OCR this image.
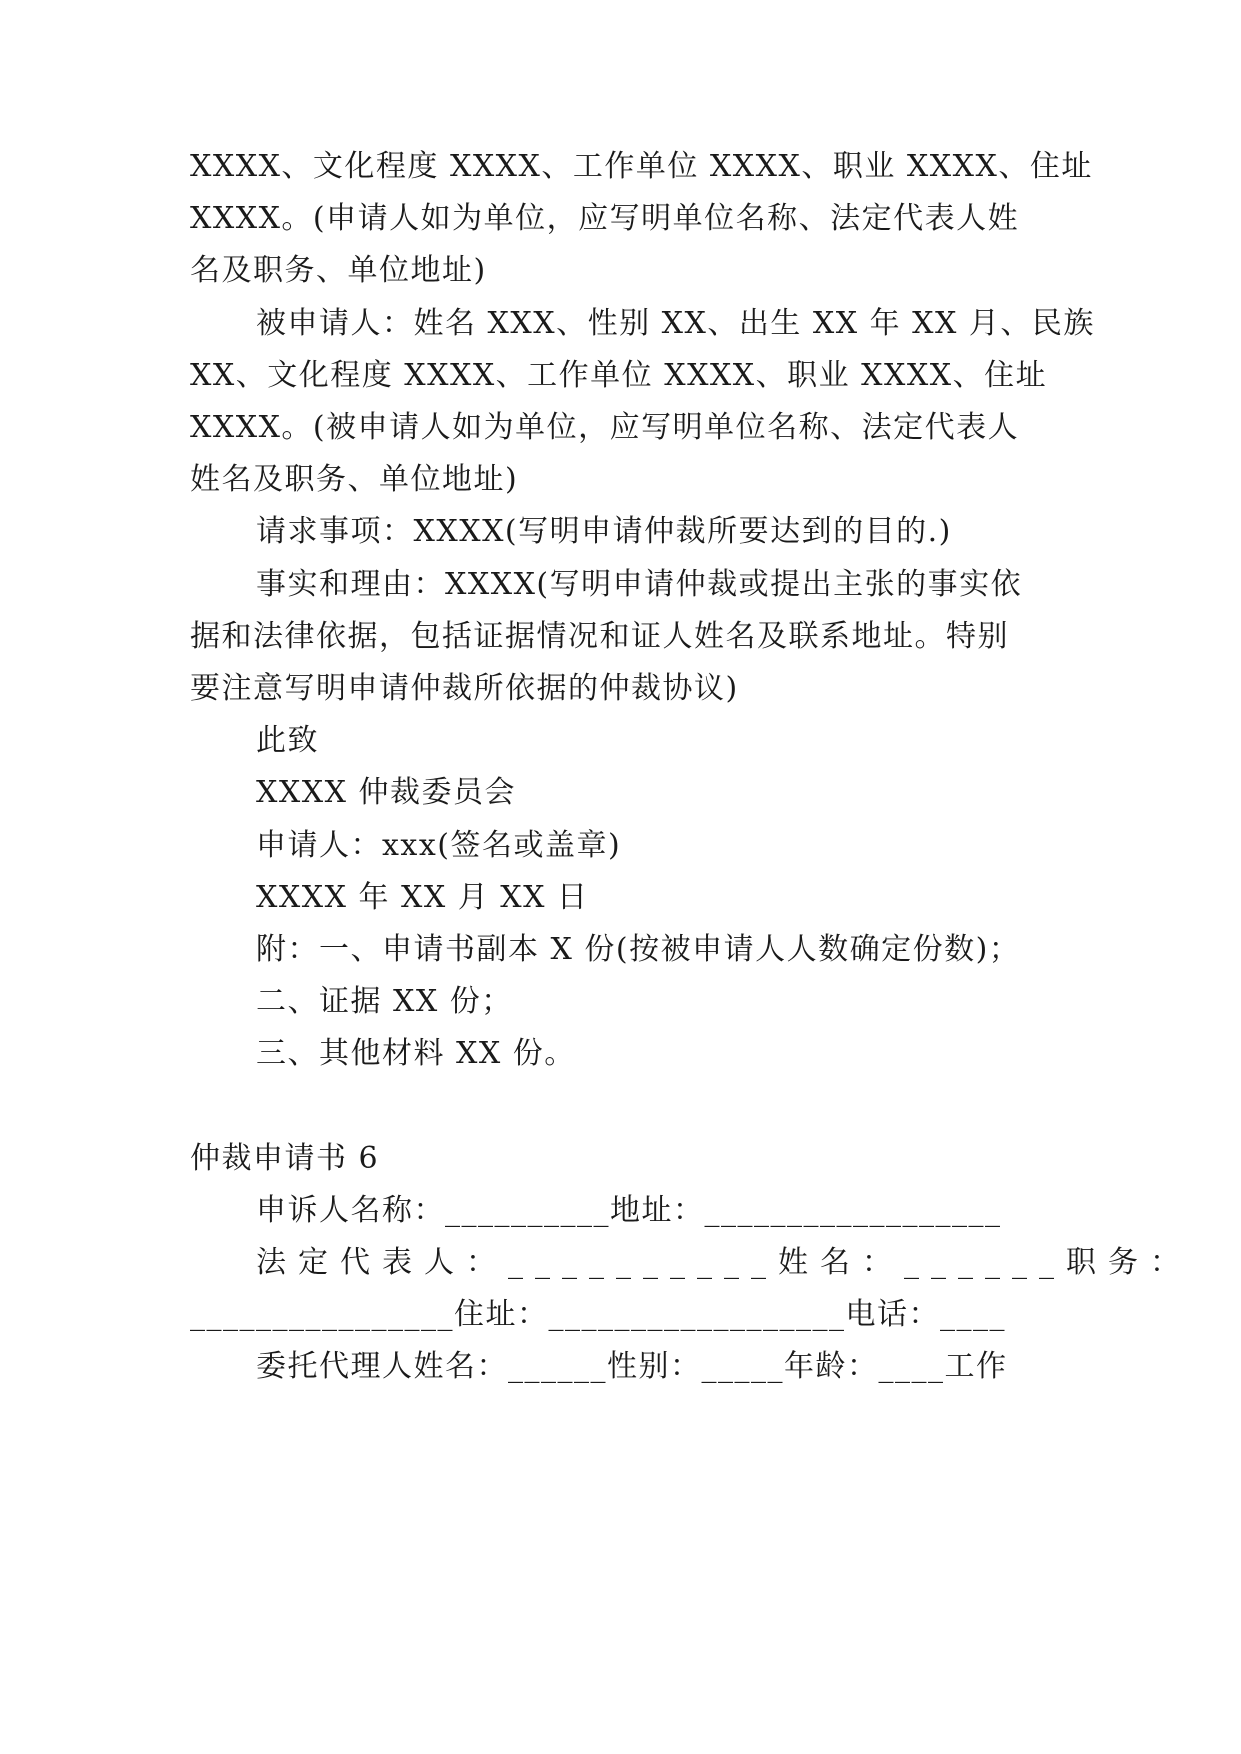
XXXX、文化程度 XXXX、工作单位 XXXX、职业 XXXX、住址
XXXX。(申请人如为单位，应写明单位名称、法定代表人姓
名及职务、单位地址)
被申请人：姓名 XXX、性别 XX、出生 XX 年 XX 月、民族
XX、文化程度 XXXX、工作单位 XXXX、职业 XXXX、住址
XXXX。(被申请人如为单位，应写明单位名称、法定代表人
姓名及职务、单位地址)
请求事项：XXXX(写明申请仲裁所要达到的目的.)
事实和理由：XXXX(写明申请仲裁或提出主张的事实依
据和法律依据，包括证据情况和证人姓名及联系地址。特别
要注意写明申请仲裁所依据的仲裁协议)
此致
XXXX 仲裁委员会
申请人：xxx(签名或盖章)
XXXX 年 XX 月 XX 日
附：一、申请书副本 X 份(按被申请人人数确定份数)；
二、证据 XX 份；
三、其他材料 XX 份。
仲裁申请书 6
申诉人名称：__________地址：__________________
法定代表人：__________姓名：______职务：
________________住址：__________________电话：____
委托代理人姓名：______性别：_____年龄：____工作
